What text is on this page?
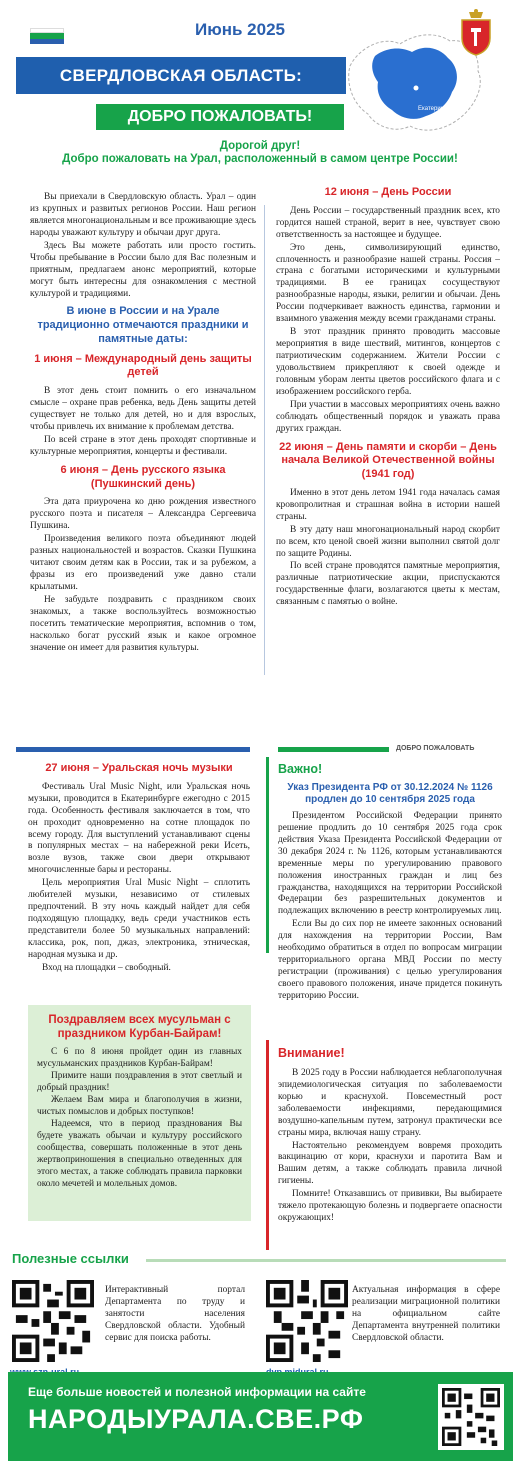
Июнь 2025
Екатеринбург
СВЕРДЛОВСКАЯ ОБЛАСТЬ:
ДОБРО ПОЖАЛОВАТЬ!
Дорогой друг!
Добро пожаловать на Урал, расположенный в самом центре России!

Вы приехали в Свердловскую область. Урал – один из крупных и развитых регионов России. Наш регион является многонациональным и все проживающие здесь народы уважают культуру и обычаи друг друга.

Здесь Вы можете работать или просто гостить. Чтобы пребывание в России было для Вас полезным и приятным, предлагаем анонс мероприятий, которые могут быть интересны для ознакомления с местной культурой и традициями.

В июне в России и на Урале традиционно отмечаются праздники и памятные даты:
1 июня – Международный день защиты детей

В этот день стоит помнить о его изначальном смысле – охране прав ребенка, ведь День защиты детей существует не только для детей, но и для взрослых, чтобы привлечь их внимание к проблемам детства.

По всей стране в этот день проходят спортивные и культурные мероприятия, концерты и фестивали.

6 июня – День русского языка (Пушкинский день)

Эта дата приурочена ко дню рождения известного русского поэта и писателя – Александра Сергеевича Пушкина.

Произведения великого поэта объединяют людей разных национальностей и возрастов. Сказки Пушкина читают своим детям как в России, так и за рубежом, а фразы из его произведений уже давно стали крылатыми.

Не забудьте поздравить с праздником своих знакомых, а также воспользуйтесь возможностью посетить тематические мероприятия, вспомнив о том, насколько богат русский язык и какое огромное значение он имеет для развития культуры.

12 июня – День России

День России – государственный праздник всех, кто гордится нашей страной, верит в нее, чувствует свою ответственность за настоящее и будущее.

Это день, символизирующий единство, сплоченность и разнообразие нашей страны. Россия – страна с богатыми историческими и культурными традициями. В ее границах сосуществуют разнообразные народы, языки, религии и обычаи. День России подчеркивает важность единства, гармонии и взаимного уважения между всеми гражданами страны.

В этот праздник принято проводить массовые мероприятия в виде шествий, митингов, концертов с патриотическим содержанием. Жители России с удовольствием прикрепляют к своей одежде и головным уборам ленты цветов российского флага и с изображением российского герба.

При участии в массовых мероприятиях очень важно соблюдать общественный порядок и уважать права других граждан.

22 июня – День памяти и скорби – День начала Великой Отечественной войны (1941 год)

Именно в этот день летом 1941 года началась самая кровопролитная и страшная война в истории нашей страны.

В эту дату наш многонациональный народ скорбит по всем, кто ценой своей жизни выполнил святой долг по защите Родины.

По всей стране проводятся памятные мероприятия, различные патриотические акции, приспускаются государственные флаги, возлагаются цветы к местам, связанным с памятью о войне.

ДОБРО ПОЖАЛОВАТЬ
27 июня – Уральская ночь музыки

Фестиваль Ural Music Night, или Уральская ночь музыки, проводится в Екатеринбурге ежегодно с 2015 года. Особенность фестиваля заключается в том, что он проходит одновременно на сотне площадок по всему городу. Для выступлений устанавливают сцены в популярных местах – на набережной реки Исеть, возле вузов, также свои двери открывают многочисленные бары и рестораны.

Цель мероприятия Ural Music Night – сплотить любителей музыки, независимо от стилевых предпочтений. В эту ночь каждый найдет для себя подходящую площадку, ведь среди участников есть представители более 50 музыкальных направлений: классика, рок, поп, джаз, электроника, этническая, народная музыка и др.

Вход на площадки – свободный.

Поздравляем всех мусульман с праздником Курбан-Байрам!

С 6 по 8 июня пройдет один из главных мусульманских праздников Курбан-Байрам!

Примите наши поздравления в этот светлый и добрый праздник!

Желаем Вам мира и благополучия в жизни, чистых помыслов и добрых поступков!

Надеемся, что в период празднования Вы будете уважать обычаи и культуру российского сообщества, совершать положенные в этот день жертвоприношения в специально отведенных для этого местах, а также соблюдать правила парковки около мечетей и молельных домов.

Важно!
Указ Президента РФ от 30.12.2024 № 1126 продлен до 10 сентября 2025 года

Президентом Российской Федерации принято решение продлить до 10 сентября 2025 года срок действия Указа Президента Российской Федерации от 30 декабря 2024 г. № 1126, которым устанавливаются временные меры по урегулированию правового положения иностранных граждан и лиц без гражданства, находящихся на территории Российской Федерации без разрешительных документов и подлежащих включению в реестр контролируемых лиц.

Если Вы до сих пор не имеете законных оснований для нахождения на территории России, Вам необходимо обратиться в отдел по вопросам миграции территориального органа МВД России по месту регистрации (проживания) с целью урегулирования своего правового положения, иначе придется покинуть территорию России.

Внимание!

В 2025 году в России наблюдается неблагополучная эпидемиологическая ситуация по заболеваемости корью и краснухой. Повсеместный рост заболеваемости инфекциями, передающимися воздушно-капельным путем, затронул практически все страны мира, включая нашу страну.

Настоятельно рекомендуем вовремя проходить вакцинацию от кори, краснухи и паротита Вам и Вашим детям, а также соблюдать правила личной гигиены.

Помните! Отказавшись от прививки, Вы выбираете тяжело протекающую болезнь и подвергаете опасности окружающих!

Полезные ссылки
Интерактивный портал Департамента по труду и занятости населения Свердловской области. Удобный сервис для поиска работы.
Актуальная информация в сфере реализации миграционной политики на официальном сайте Департамента внутренней политики Свердловской области.
Еще больше новостей и полезной информации на сайте
НАРОДЫУРАЛА.СВЕ.РФ
